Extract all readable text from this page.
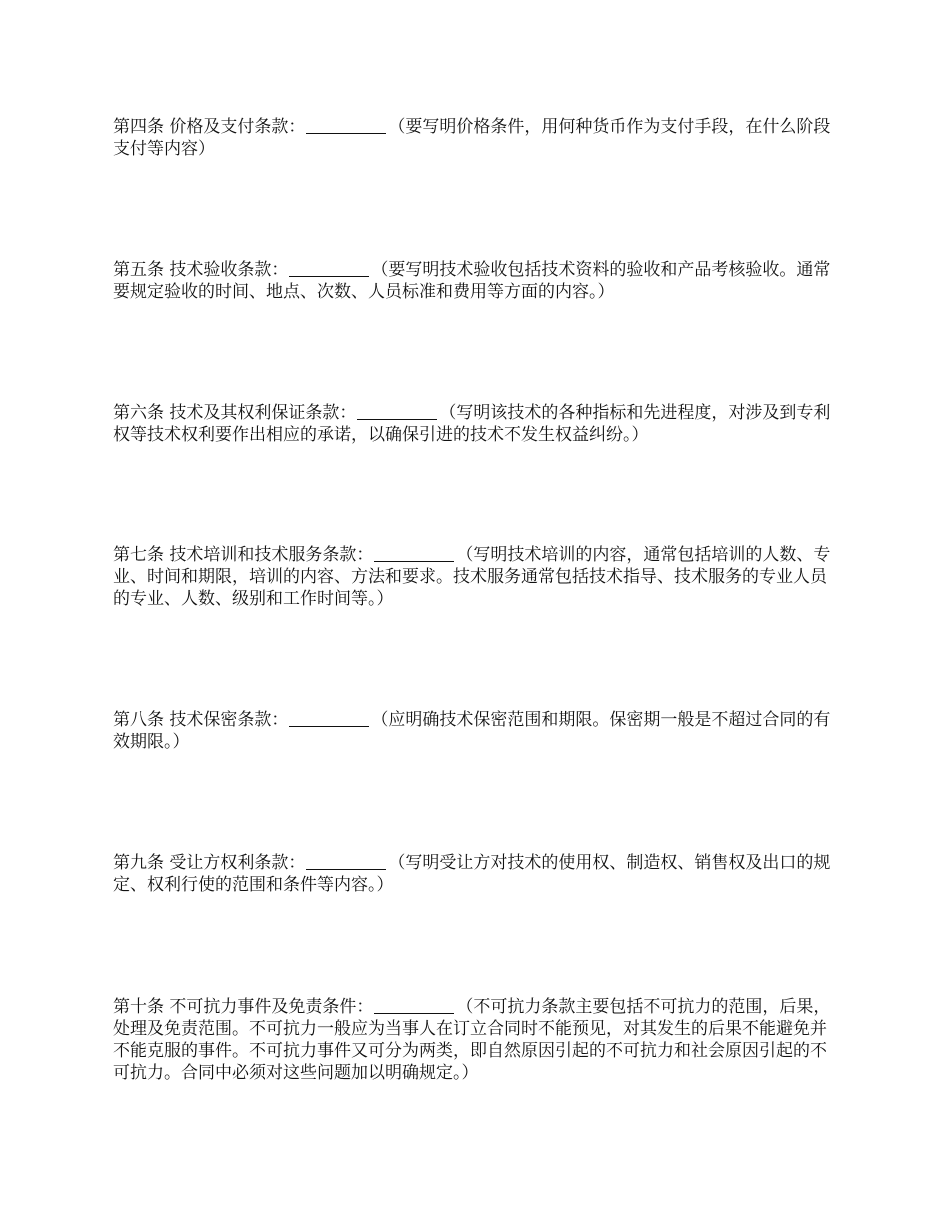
第四条 价格及支付条款：	（要写明价格条件，用何种货币作为支付手段，在什么阶段支付等内容）
第五条 技术验收条款：	（要写明技术验收包括技术资料的验收和产品考核验收。通常要规定验收的时间、地点、次数、人员标准和费用等方面的内容。）
第六条 技术及其权利保证条款：	（写明该技术的各种指标和先进程度，对涉及到专利权等技术权利要作出相应的承诺，以确保引进的技术不发生权益纠纷。）
第七条 技术培训和技术服务条款：	（写明技术培训的内容，通常包括培训的人数、专业、时间和期限，培训的内容、方法和要求。技术服务通常包括技术指导、技术服务的专业人员的专业、人数、级别和工作时间等。）
第八条 技术保密条款：	（应明确技术保密范围和期限。保密期一般是不超过合同的有效期限。）
第九条 受让方权利条款：	（写明受让方对技术的使用权、制造权、销售权及出口的规定、权利行使的范围和条件等内容。）
第十条 不可抗力事件及免责条件：	（不可抗力条款主要包括不可抗力的范围，后果，处理及免责范围。不可抗力一般应为当事人在订立合同时不能预见，对其发生的后果不能避免并不能克服的事件。不可抗力事件又可分为两类，即自然原因引起的不可抗力和社会原因引起的不可抗力。合同中必须对这些问题加以明确规定。）
